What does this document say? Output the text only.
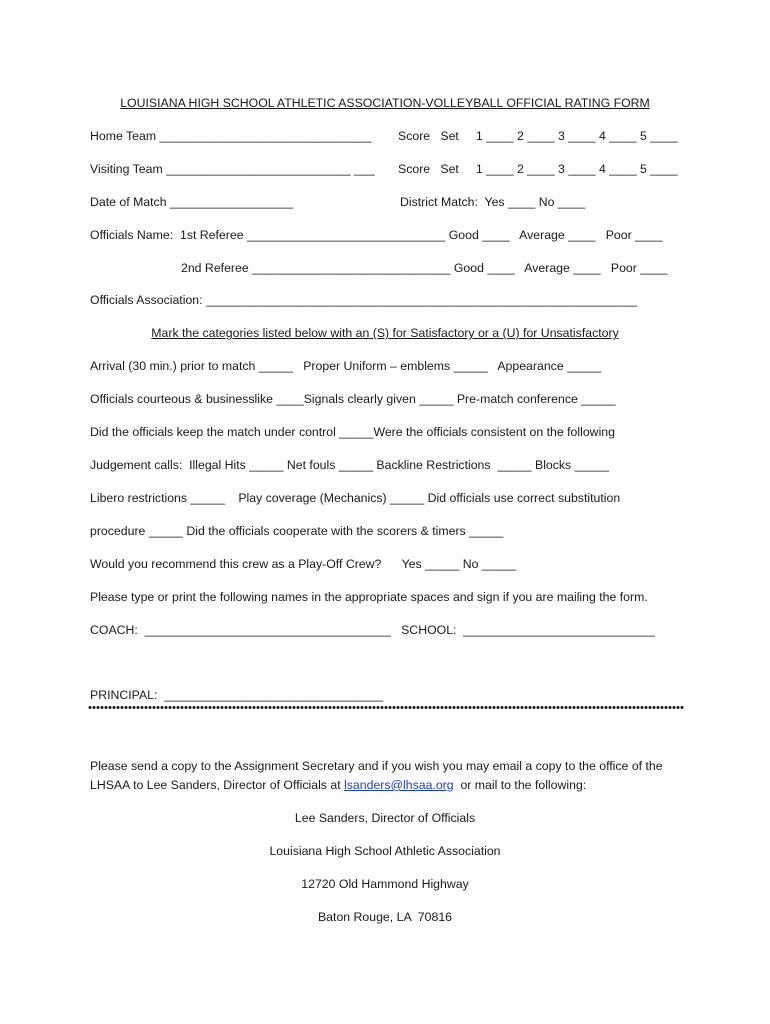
LOUISIANA HIGH SCHOOL ATHLETIC ASSOCIATION-VOLLEYBALL OFFICIAL RATING FORM
Home Team _______________________________ Score   Set     1 ____ 2 ____ 3 ____ 4 ____ 5 ____
Visiting Team ___________________________ ___ Score   Set     1 ____ 2 ____ 3 ____ 4 ____ 5 ____
Date of Match __________________	District Match:  Yes ____ No ____
Officials Name:  1st Referee _____________________________ Good ____   Average ____   Poor ____
2nd Referee _____________________________ Good ____   Average ____   Poor ____
Officials Association: _______________________________________________________________
Mark the categories listed below with an (S) for Satisfactory or a (U) for Unsatisfactory
Arrival (30 min.) prior to match _____   Proper Uniform – emblems _____   Appearance _____
Officials courteous & businesslike ____Signals clearly given _____ Pre-match conference _____
Did the officials keep the match under control _____Were the officials consistent on the following
Judgement calls:  Illegal Hits _____ Net fouls _____ Backline Restrictions  _____ Blocks _____
Libero restrictions _____    Play coverage (Mechanics) _____ Did officials use correct substitution
procedure _____ Did the officials cooperate with the scorers & timers _____
Would you recommend this crew as a Play-Off Crew?      Yes _____ No _____
Please type or print the following names in the appropriate spaces and sign if you are mailing the form.
COACH:  ____________________________________   SCHOOL:  ____________________________
PRINCIPAL:  ________________________________
Please send a copy to the Assignment Secretary and if you wish you may email a copy to the office of the
LHSAA to Lee Sanders, Director of Officials at lsanders@lhsaa.org  or mail to the following:
Lee Sanders, Director of Officials
Louisiana High School Athletic Association
12720 Old Hammond Highway
Baton Rouge, LA  70816
